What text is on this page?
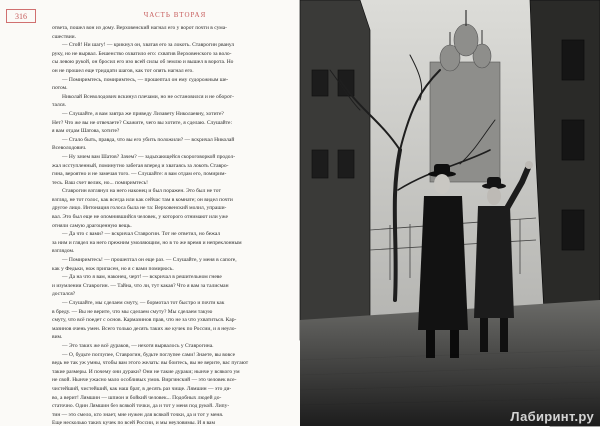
316	ЧАСТЬ ВТОРАЯ
ответа, пошел вон из дому. Верховенский нагнал его у ворот почти в сума-
сшествии.
— Стой! Ни шагу! — крикнул он, хватая его за локоть. Ставрогин рванул
руку, но не вырвал. Бешенство охватило его: схватив Верховенского за воло-
сы левою рукой, он бросил его изо всей силы об землю и вышел в ворота. Но
он не прошел еще тридцати шагов, как тот опять нагнал его.
— Помиримтесь, помиримтесь, — прошептал он ему судорожным ше-
потом.
Николай Всеволодович вскинул плечами, но не остановился и не оборот-
тался.
— Слушайте, я вам завтра же приведу Лизавету Николаевну, хотите?
Нет? Что же вы не отвечаете? Скажите, чего вы хотите, я сделаю. Слушайте:
я вам отдам Шатова, хотите?
— Стало быть, правда, что вы его убить положили? — вскричал Николай
Всеволодович.
— Ну зачем вам Шатов? Зачем? — задыхающейся скороговоркой продол-
жал исступленный, поминутно забегая вперед и хватаясь за локоть Ставро-
гина, вероятно и не замечая того. — Слушайте: я вам отдам его, помирим-
тесь. Ваш счет велик, но... помиримтесь!
Ставрогин взглянул на него наконец и был поражен. Это был не тот
взгляд, не тот голос, как всегда или как сейчас там в комнате; он видел почти
другое лицо. Интонация голоса была не та: Верховенский молил, упраши-
вал. Это был еще не опомнившийся человек, у которого отнимают или уже
отняли самую драгоценную вещь.
— Да что с вами? — вскричал Ставрогин. Тот не ответил, но бежал
за ним и глядел на него прежним умоляющим, но в то же время и непреклонным
взглядом.
— Помиримтесь! — прошептал он еще раз. — Слушайте, у меня в сапоге,
как у Федьки, нож припасен, но я с вами помирюсь.
— Да на что я вам, наконец, черт! — вскричал в решительном гневе
и изумлении Ставрогин. — Тайна, что ли, тут какая? Что я вам за талисман
достался?
— Слушайте, мы сделаем смуту, — бормотал тот быстро и почти как
в бреду. — Вы не верите, что мы сделаем смуту? Мы сделаем такую
смуту, что всё поедет с основ. Кармазинов прав, что не за что ухватиться. Кар-
мазинов очень умен. Всего только десять таких же кучек по России, и я неуло-
вим.
— Это таких же всё дураков, — нехотя вырвалось у Ставрогина.
— О, будьте поглупее, Ставрогин, будьте поглупее сами! Знаете, вы вовсе
ведь не так уж умны, чтобы вам этого желать: вы боитесь, вы не верите, вас пугают
такие размеры. И почему они дураки? Они не такие дураки; нынче у всякого ум
не свой. Нынче ужасно мало особливых умов. Виргинский — это человек все-
чистейший, чистейший, как наш брат, в десять раз чище. Лямшин — это ди-
во, а верит! Лямшин — шпион и бойкий человек... Подобных людей до-
статочно. Один Лямшин без всякой точки, да и тот у меня под рукой. Липу-
тин — это смело, кто знает, мне нужен для всякой точки, да и тот у меня.
Еще несколько таких кучек по всей России, и мы неуловимы. И я вам	Лабиринт.ру
